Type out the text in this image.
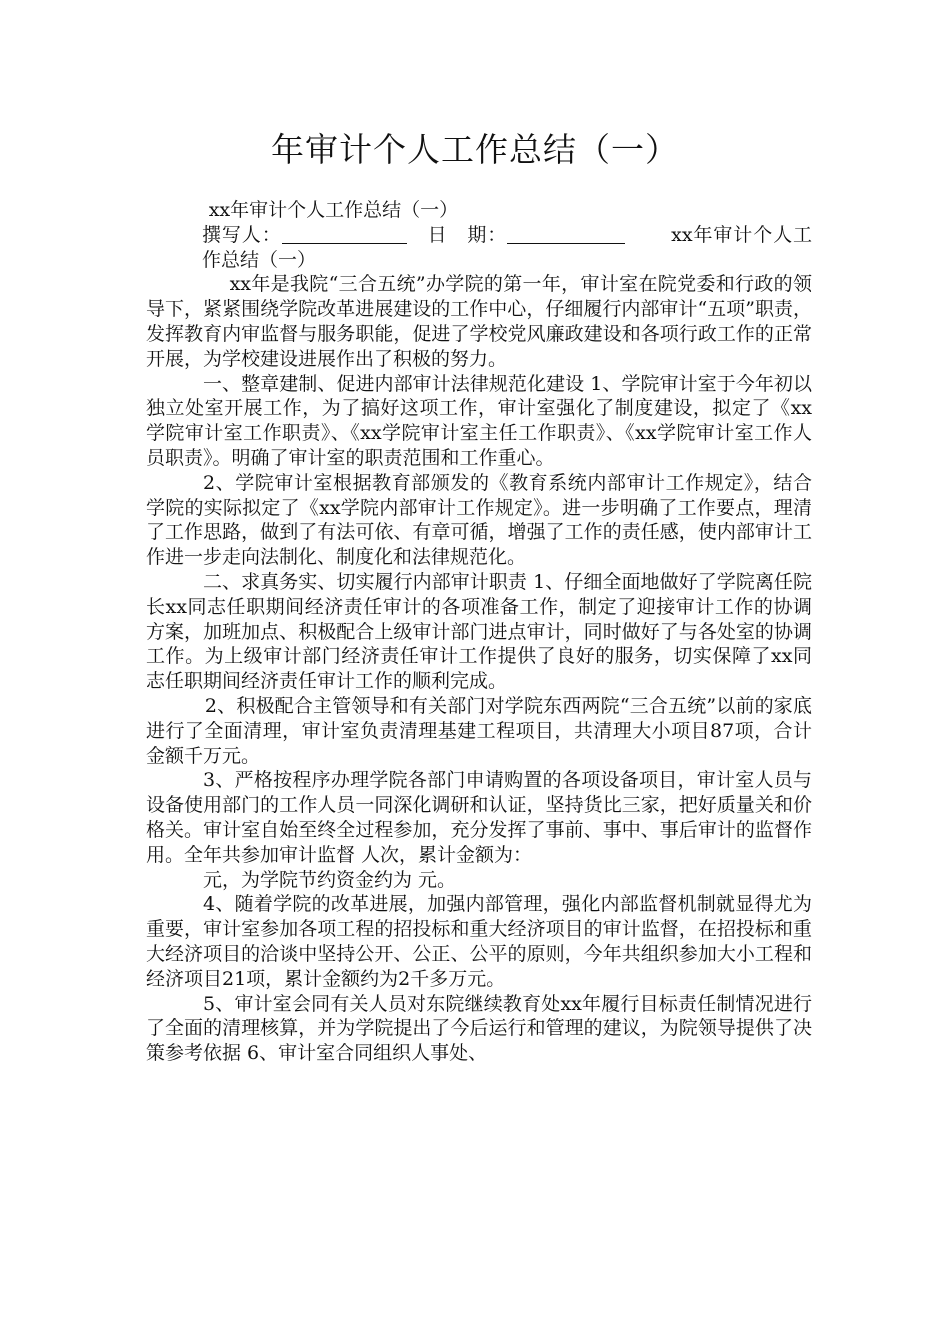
年审计个人工作总结（一）

xx年审计个人工作总结（一）

撰写人：	日　期：	xx年审计个人工作总结（一）

xx年是我院“三合五统”办学院的第一年，审计室在院党委和行政的领导下，紧紧围绕学院改革进展建设的工作中心，仔细履行内部审计“五项”职责，发挥教育内审监督与服务职能，促进了学校党风廉政建设和各项行政工作的正常开展，为学校建设进展作出了积极的努力。

一、整章建制、促进内部审计法律规范化建设 1、学院审计室于今年初以独立处室开展工作，为了搞好这项工作，审计室强化了制度建设，拟定了《xx学院审计室工作职责》、《xx学院审计室主任工作职责》、《xx学院审计室工作人员职责》。明确了审计室的职责范围和工作重心。

2、学院审计室根据教育部颁发的《教育系统内部审计工作规定》，结合学院的实际拟定了《xx学院内部审计工作规定》。进一步明确了工作要点，理清了工作思路，做到了有法可依、有章可循，增强了工作的责任感，使内部审计工作进一步走向法制化、制度化和法律规范化。

二、求真务实、切实履行内部审计职责 1、仔细全面地做好了学院离任院长xx同志任职期间经济责任审计的各项准备工作，制定了迎接审计工作的协调方案，加班加点、积极配合上级审计部门进点审计，同时做好了与各处室的协调工作。为上级审计部门经济责任审计工作提供了良好的服务，切实保障了xx同志任职期间经济责任审计工作的顺利完成。

2、积极配合主管领导和有关部门对学院东西两院“三合五统”以前的家底进行了全面清理，审计室负责清理基建工程项目，共清理大小项目87项，合计金额千万元。

3、严格按程序办理学院各部门申请购置的各项设备项目，审计室人员与设备使用部门的工作人员一同深化调研和认证，坚持货比三家，把好质量关和价格关。审计室自始至终全过程参加，充分发挥了事前、事中、事后审计的监督作用。全年共参加审计监督 人次，累计金额为：

元，为学院节约资金约为 元。

4、随着学院的改革进展，加强内部管理，强化内部监督机制就显得尤为重要，审计室参加各项工程的招投标和重大经济项目的审计监督，在招投标和重大经济项目的洽谈中坚持公开、公正、公平的原则，今年共组织参加大小工程和经济项目21项，累计金额约为2千多万元。

5、审计室会同有关人员对东院继续教育处xx年履行目标责任制情况进行了全面的清理核算，并为学院提出了今后运行和管理的建议，为院领导提供了决策参考依据 6、审计室合同组织人事处、
